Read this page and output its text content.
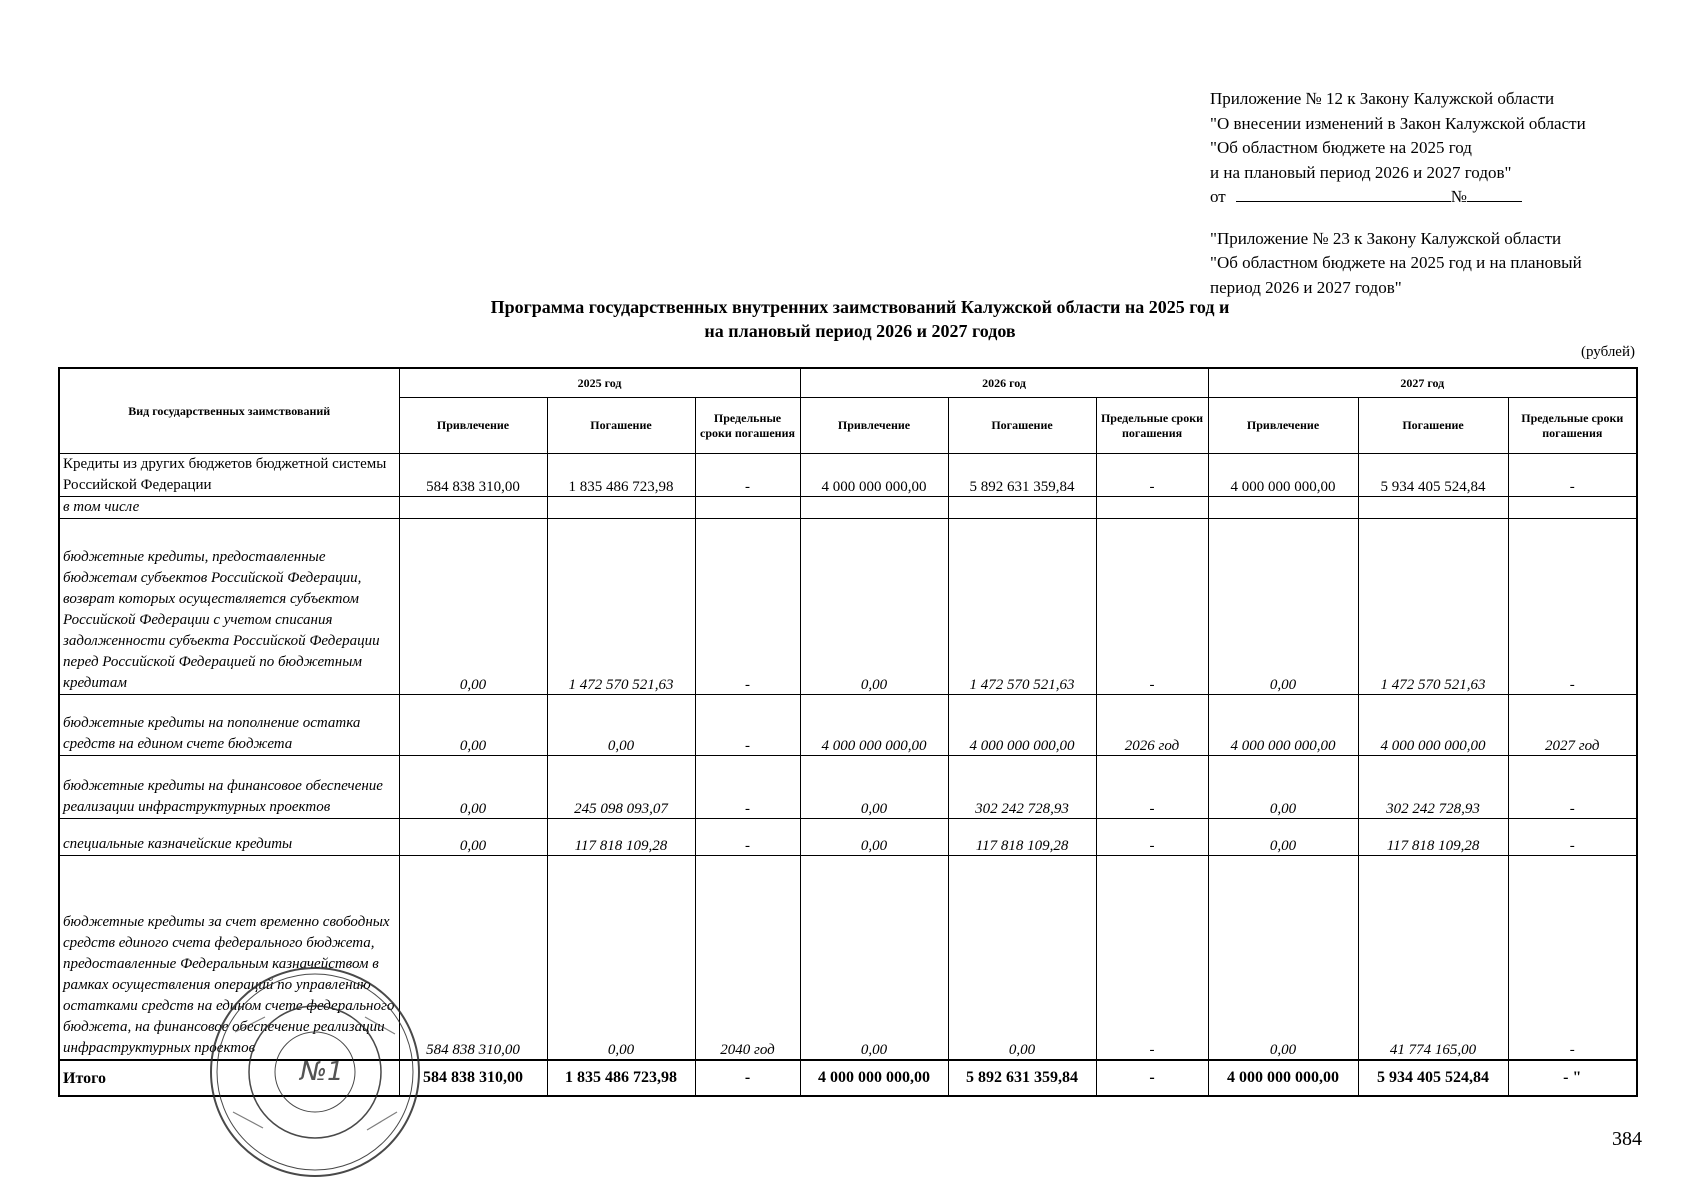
Приложение № 12 к Закону Калужской области
"О внесении изменений в Закон Калужской области
"Об областном бюджете на 2025 год
и на плановый период 2026 и 2027 годов"
от	№
"Приложение № 23 к Закону Калужской области
"Об областном бюджете на 2025 год и на плановый
период 2026 и 2027 годов"
Программа государственных внутренних заимствований Калужской области на 2025 год и
на плановый период 2026 и 2027 годов
(рублей)
Вид государственных заимствований	2025 год			2026 год			2027 год		
	Привлечение	Погашение	Предельные сроки погашения	Привлечение	Погашение	Предельные сроки погашения	Привлечение	Погашение	Предельные сроки погашения
Кредиты из других бюджетов бюджетной системы Российской Федерации	584 838 310,00	1 835 486 723,98	-	4 000 000 000,00	5 892 631 359,84	-	4 000 000 000,00	5 934 405 524,84	-
в том числе									
бюджетные кредиты, предоставленные бюджетам субъектов Российской Федерации, возврат которых осуществляется субъектом Российской Федерации с учетом списания задолженности субъекта Российской Федерации перед Российской Федерацией по бюджетным кредитам	0,00	1 472 570 521,63	-	0,00	1 472 570 521,63	-	0,00	1 472 570 521,63	-
бюджетные кредиты на пополнение остатка средств на едином счете бюджета	0,00	0,00	-	4 000 000 000,00	4 000 000 000,00	2026 год	4 000 000 000,00	4 000 000 000,00	2027 год
бюджетные кредиты на финансовое обеспечение реализации инфраструктурных проектов	0,00	245 098 093,07	-	0,00	302 242 728,93	-	0,00	302 242 728,93	-
специальные казначейские кредиты	0,00	117 818 109,28	-	0,00	117 818 109,28	-	0,00	117 818 109,28	-
бюджетные кредиты за счет временно свободных средств единого счета федерального бюджета, предоставленные Федеральным казначейством в рамках осуществления операций по управлению остатками средств на едином счете федерального бюджета, на финансовое обеспечение реализации инфраструктурных проектов	584 838 310,00	0,00	2040 год	0,00	0,00	-	0,00	41 774 165,00	-
Итого	584 838 310,00	1 835 486 723,98	-	4 000 000 000,00	5 892 631 359,84	-	4 000 000 000,00	5 934 405 524,84	- "
№1
384
